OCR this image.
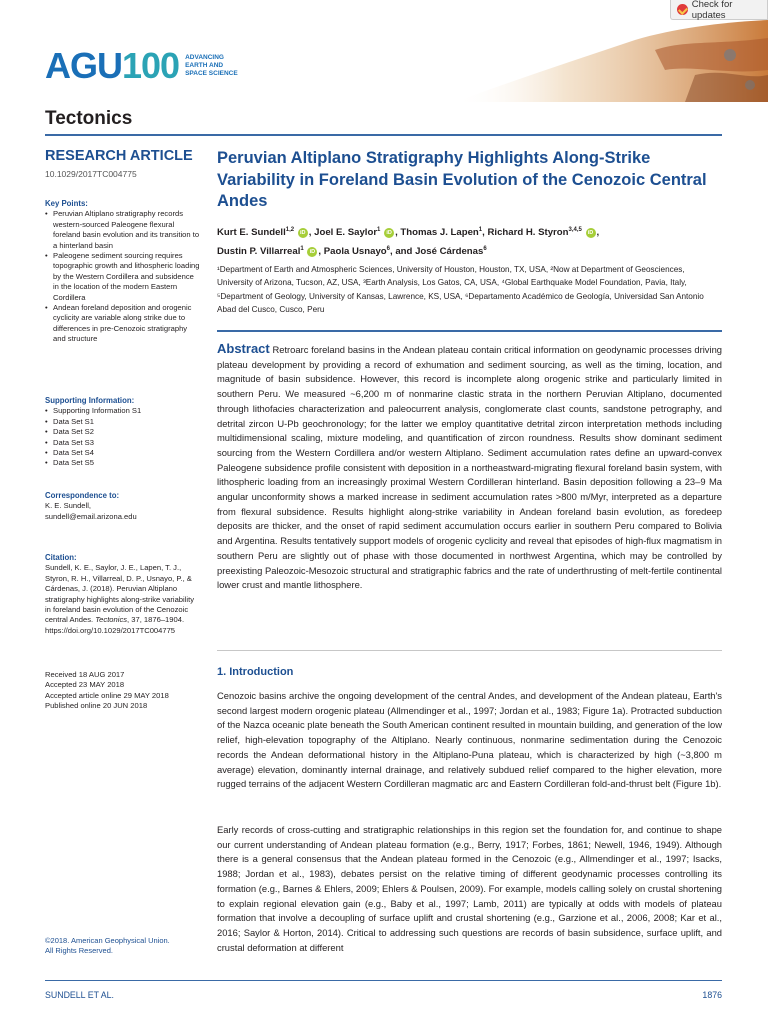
Check for updates
AGU 100 ADVANCING
EARTH AND
SPACE SCIENCE
Tectonics
RESEARCH ARTICLE
10.1029/2017TC004775
Key Points:
• Peruvian Altiplano stratigraphy records western-sourced Paleogene flexural foreland basin evolution and its transition to a hinterland basin
• Paleogene sediment sourcing requires topographic growth and lithospheric loading by the Western Cordillera and subsidence in the location of the modern Eastern Cordillera
• Andean foreland deposition and orogenic cyclicity are variable along strike due to differences in pre-Cenozoic stratigraphy and structure
Supporting Information:
• Supporting Information S1
• Data Set S1
• Data Set S2
• Data Set S3
• Data Set S4
• Data Set S5
Correspondence to:
K. E. Sundell,
sundell@email.arizona.edu
Citation:
Sundell, K. E., Saylor, J. E., Lapen, T. J., Styron, R. H., Villarreal, D. P., Usnayo, P., & Cárdenas, J. (2018). Peruvian Altiplano stratigraphy highlights along-strike variability in foreland basin evolution of the Cenozoic central Andes. Tectonics, 37, 1876–1904. https://doi.org/10.1029/2017TC004775
Received 18 AUG 2017
Accepted 23 MAY 2018
Accepted article online 29 MAY 2018
Published online 20 JUN 2018
©2018. American Geophysical Union.
All Rights Reserved.
Peruvian Altiplano Stratigraphy Highlights Along-Strike Variability in Foreland Basin Evolution of the Cenozoic Central Andes
Kurt E. Sundell$^{1,2}$ iD , Joel E. Saylor$^1$ iD , Thomas J. Lapen$^1$, Richard H. Styron$^{3,4,5}$ iD ,
Dustin P. Villarreal$^1$ iD , Paola Usnayo$^6$, and José Cárdenas$^6$
¹Department of Earth and Atmospheric Sciences, University of Houston, Houston, TX, USA, ²Now at Department of Geosciences, University of Arizona, Tucson, AZ, USA, ³Earth Analysis, Los Gatos, CA, USA, ⁴Global Earthquake Model Foundation, Pavia, Italy, ⁵Department of Geology, University of Kansas, Lawrence, KS, USA, ⁶Departamento Académico de Geología, Universidad San Antonio Abad del Cusco, Cusco, Peru
Abstract Retroarc foreland basins in the Andean plateau contain critical information on geodynamic processes driving plateau development by providing a record of exhumation and sediment sourcing, as well as the timing, location, and magnitude of basin subsidence. However, this record is incomplete along orogenic strike and particularly limited in southern Peru. We measured ~6,200 m of nonmarine clastic strata in the northern Peruvian Altiplano, documented through lithofacies characterization and paleocurrent analysis, conglomerate clast counts, sandstone petrography, and detrital zircon U-Pb geochronology; for the latter we employ quantitative detrital zircon interpretation methods including multidimensional scaling, mixture modeling, and quantification of zircon roundness. Results show dominant sediment sourcing from the Western Cordillera and/or western Altiplano. Sediment accumulation rates define an upward-convex Paleogene subsidence profile consistent with deposition in a northeastward-migrating flexural foreland basin system, with lithospheric loading from an increasingly proximal Western Cordilleran hinterland. Basin deposition following a 23–9 Ma angular unconformity shows a marked increase in sediment accumulation rates >800 m/Myr, interpreted as a departure from flexural subsidence. Results highlight along-strike variability in Andean foreland basin evolution, as foredeep deposits are thicker, and the onset of rapid sediment accumulation occurs earlier in southern Peru compared to Bolivia and Argentina. Results tentatively support models of orogenic cyclicity and reveal that episodes of high-flux magmatism in southern Peru are slightly out of phase with those documented in northwest Argentina, which may be controlled by preexisting Paleozoic-Mesozoic structural and stratigraphic fabrics and the rate of underthrusting of melt-fertile continental lower crust and mantle lithosphere.
1. Introduction
Cenozoic basins archive the ongoing development of the central Andes, and development of the Andean plateau, Earth's second largest modern orogenic plateau (Allmendinger et al., 1997; Jordan et al., 1983; Figure 1a). Protracted subduction of the Nazca oceanic plate beneath the South American continent resulted in mountain building, and generation of the low relief, high-elevation topography of the Altiplano. Nearly continuous, nonmarine sedimentation during the Cenozoic records the Andean deformational history in the Altiplano-Puna plateau, which is characterized by high (~3,800 m average) elevation, dominantly internal drainage, and relatively subdued relief compared to the higher elevation, more rugged terrains of the adjacent Western Cordilleran magmatic arc and Eastern Cordilleran fold-and-thrust belt (Figure 1b).
Early records of cross-cutting and stratigraphic relationships in this region set the foundation for, and continue to shape our current understanding of Andean plateau formation (e.g., Berry, 1917; Forbes, 1861; Newell, 1946, 1949). Although there is a general consensus that the Andean plateau formed in the Cenozoic (e.g., Allmendinger et al., 1997; Isacks, 1988; Jordan et al., 1983), debates persist on the relative timing of different geodynamic processes controlling its formation (e.g., Barnes & Ehlers, 2009; Ehlers & Poulsen, 2009). For example, models calling solely on crustal shortening to explain regional elevation gain (e.g., Baby et al., 1997; Lamb, 2011) are typically at odds with models of plateau formation that involve a decoupling of surface uplift and crustal shortening (e.g., Garzione et al., 2006, 2008; Kar et al., 2016; Saylor & Horton, 2014). Critical to addressing such questions are records of basin subsidence, surface uplift, and crustal deformation at different
SUNDELL ET AL.	1876
